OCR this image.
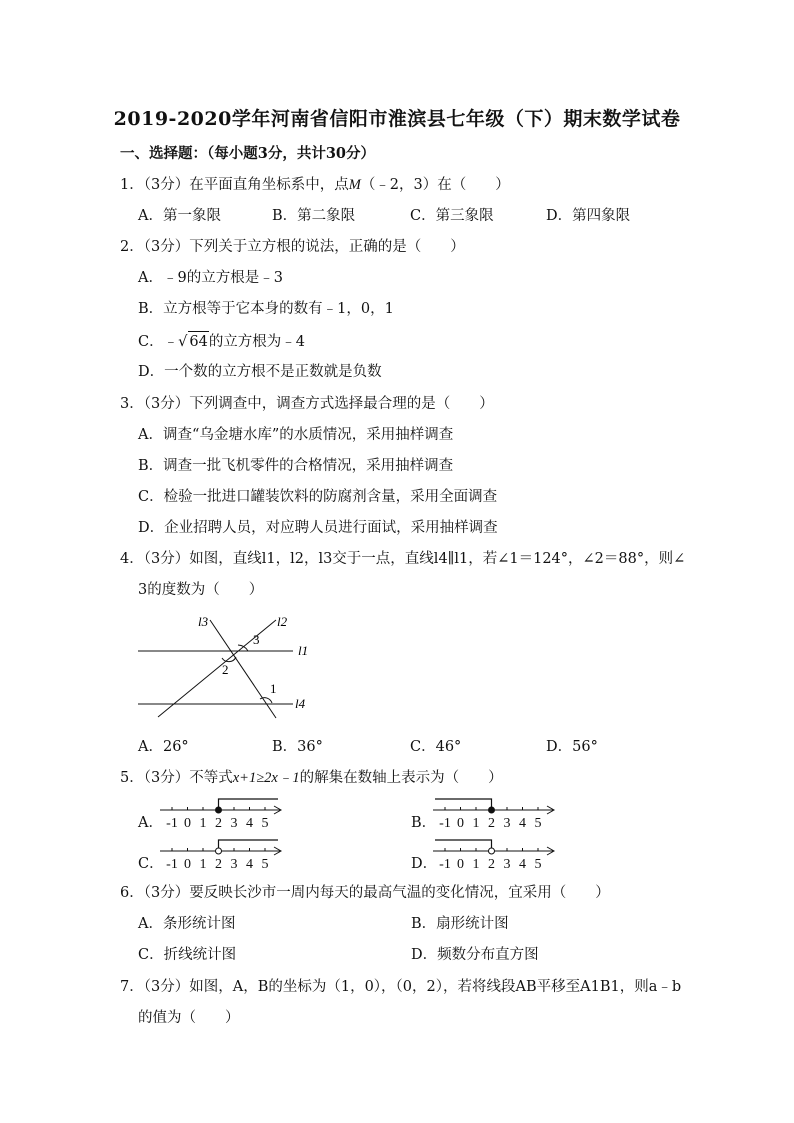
2019-2020学年河南省信阳市淮滨县七年级（下）期末数学试卷
一、选择题：（每小题3分，共计30分）
1．（3分）在平面直角坐标系中，点M（﹣2，3）在（　　）
A．第一象限	B．第二象限	C．第三象限	D．第四象限
2．（3分）下列关于立方根的说法，正确的是（　　）
A．﹣9的立方根是﹣3
B．立方根等于它本身的数有﹣1，0，1
C．﹣√ 64的立方根为﹣4
D．一个数的立方根不是正数就是负数
3．（3分）下列调查中，调查方式选择最合理的是（　　）
A．调查“乌金塘水库”的水质情况，采用抽样调查
B．调查一批飞机零件的合格情况，采用抽样调查
C．检验一批进口罐装饮料的防腐剂含量，采用全面调查
D．企业招聘人员，对应聘人员进行面试，采用抽样调查
4．（3分）如图，直线l1，l2，l3交于一点，直线l4∥l1，若∠1＝124°，∠2＝88°，则∠
3的度数为（　　）
l3	l2
l1
l4
3
2
1
A．26°	B．36°	C．46°	D．56°
5．（3分）不等式x+1≥2x﹣1的解集在数轴上表示为（　　）
A．	B．
C．	D．
-1 0 1 2 3 4 5	-1 0 1 2 3 4 5
-1 0 1 2 3 4 5	-1 0 1 2 3 4 5
6．（3分）要反映长沙市一周内每天的最高气温的变化情况，宜采用（　　）
A．条形统计图	B．扇形统计图
C．折线统计图	D．频数分布直方图
7．（3分）如图，A，B的坐标为（1，0），（0，2），若将线段AB平移至A1B1，则a﹣b
的值为（　　）
